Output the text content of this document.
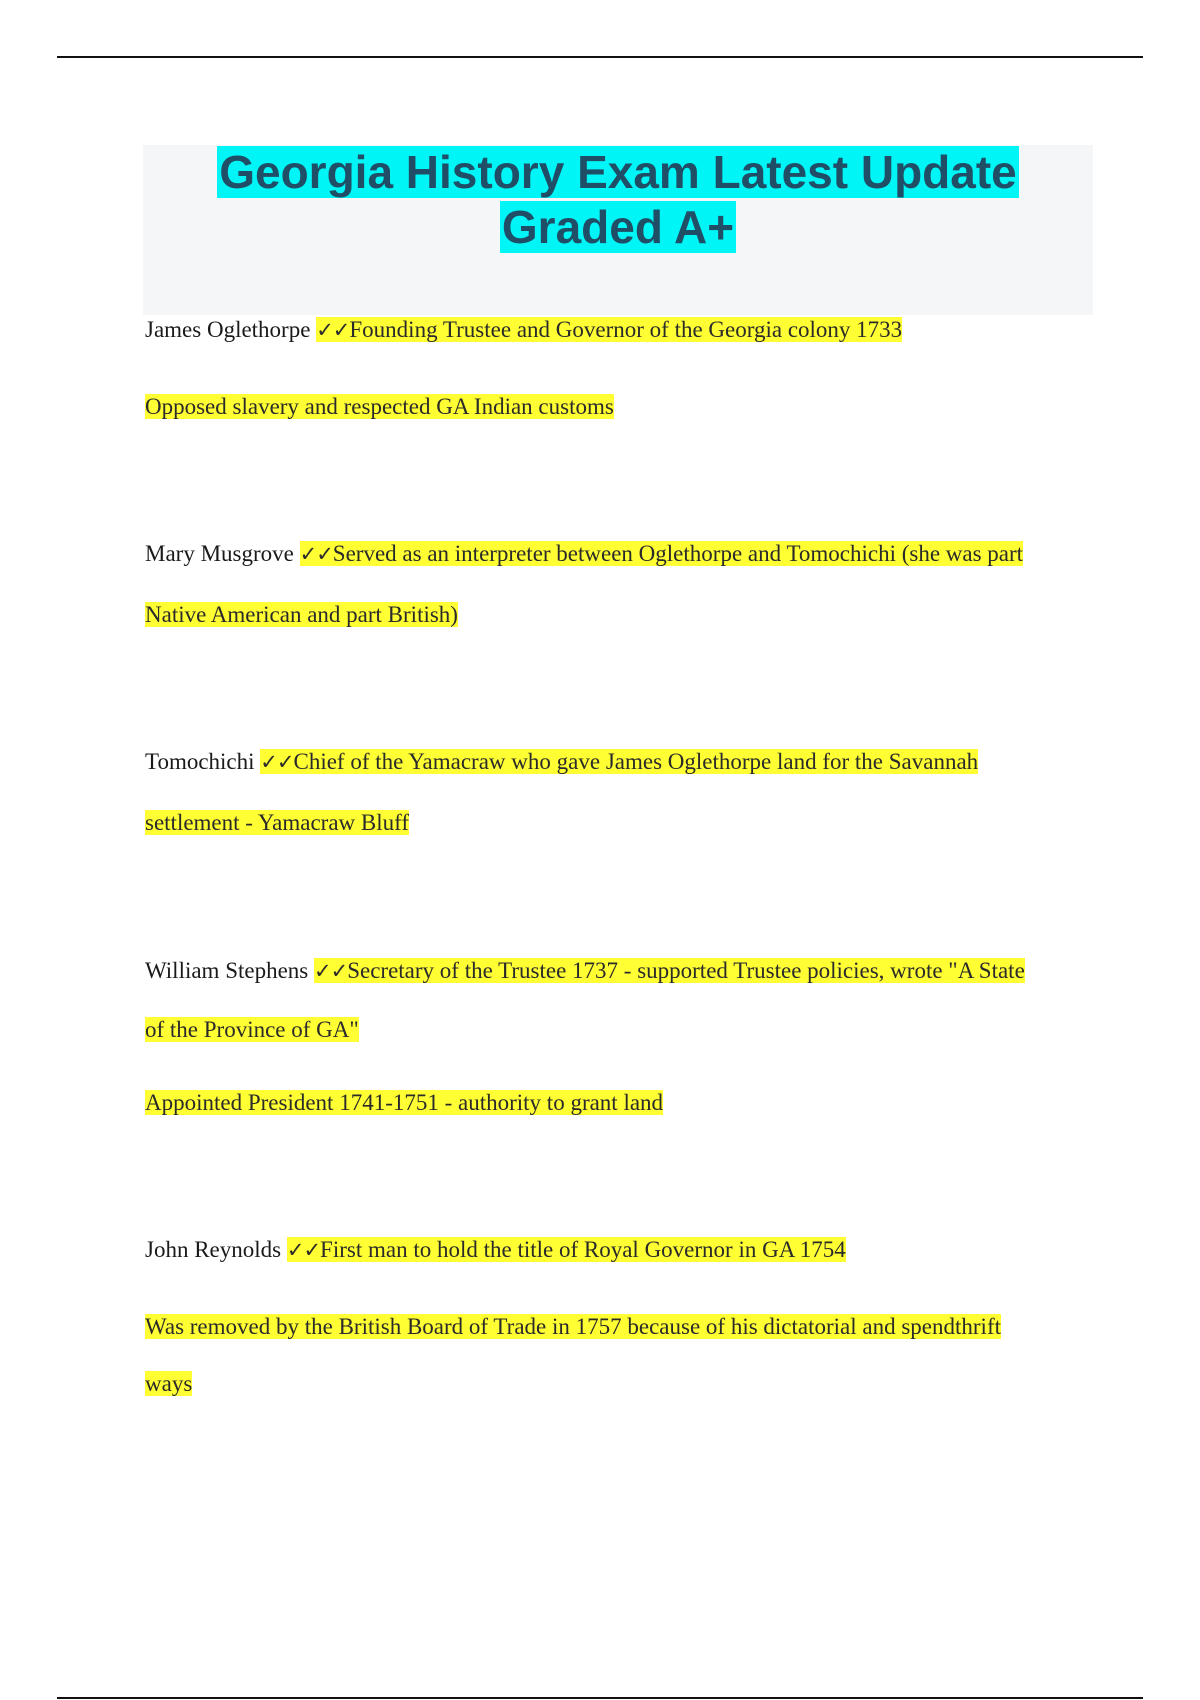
Georgia History Exam Latest Update
Graded A+
James Oglethorpe ✓✓Founding Trustee and Governor of the Georgia colony 1733
Opposed slavery and respected GA Indian customs
Mary Musgrove ✓✓Served as an interpreter between Oglethorpe and Tomochichi (she was part
Native American and part British)
Tomochichi ✓✓Chief of the Yamacraw who gave James Oglethorpe land for the Savannah
settlement - Yamacraw Bluff
William Stephens ✓✓Secretary of the Trustee 1737 - supported Trustee policies, wrote "A State
of the Province of GA"
Appointed President 1741-1751 - authority to grant land
John Reynolds ✓✓First man to hold the title of Royal Governor in GA 1754
Was removed by the British Board of Trade in 1757 because of his dictatorial and spendthrift
ways
